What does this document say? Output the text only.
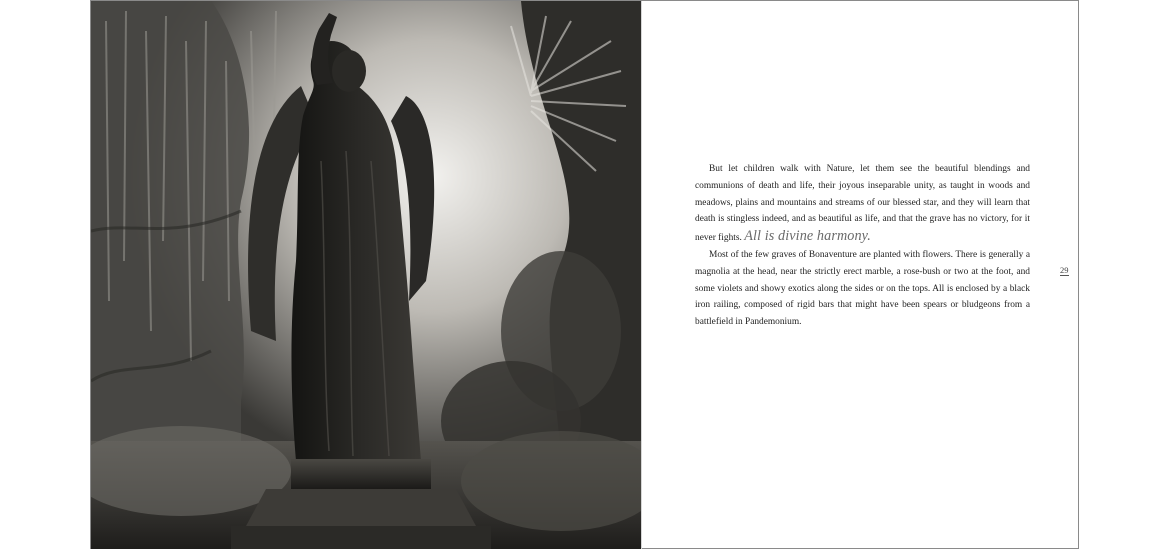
But let children walk with Nature, let them see the beautiful blendings and communions of death and life, their joyous inseparable unity, as taught in woods and meadows, plains and mountains and streams of our blessed star, and they will learn that death is stingless indeed, and as beautiful as life, and that the grave has no victory, for it never fights. All is divine harmony.

Most of the few graves of Bonaventure are planted with flowers. There is generally a magnolia at the head, near the strictly erect marble, a rose-bush or two at the foot, and some violets and showy exotics along the sides or on the tops. All is enclosed by a black iron railing, composed of rigid bars that might have been spears or bludgeons from a battlefield in Pandemonium.

29
